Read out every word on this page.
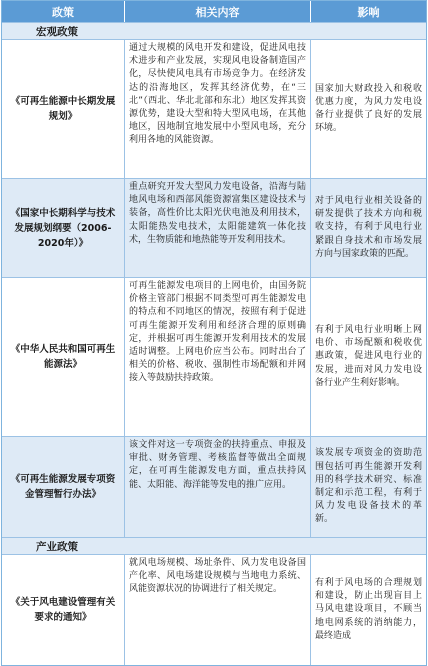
政策	相关内容	影响
宏观政策
《可再生能源中长期发展规划》
通过大规模的风电开发和建设，促进风电技术进步和产业发展，实现风电设备制造国产化，尽快使风电具有市场竞争力。在经济发达的沿海地区，发挥其经济优势，在“三北”（西北、华北北部和东北）地区发挥其资源优势，建设大型和特大型风电场，在其他地区，因地制宜地发展中小型风电场，充分利用各地的风能资源。
国家加大财政投入和税收优惠力度，为风力发电设备行业提供了良好的发展环境。
《国家中长期科学与技术发展规划纲要（2006-2020年）》
重点研究开发大型风力发电设备，沿海与陆地风电场和西部风能资源富集区建设技术与装备，高性价比太阳光伏电池及利用技术，太阳能热发电技术，太阳能建筑一体化技术，生物质能和地热能等开发利用技术。
对于风电行业相关设备的研发提供了技术方向和税收支持，有利于风电行业紧跟自身技术和市场发展方向与国家政策的匹配。
《中华人民共和国可再生能源法》
可再生能源发电项目的上网电价，由国务院价格主管部门根据不同类型可再生能源发电的特点和不同地区的情况，按照有利于促进可再生能源开发利用和经济合理的原则确定，并根据可再生能源开发利用技术的发展适时调整。上网电价应当公布。同时出台了相关的价格、税收、强制性市场配额和并网接入等鼓励扶持政策。
有利于风电行业明晰上网电价、市场配额和税收优惠政策，促进风电行业的发展，进而对风力发电设备行业产生利好影响。
《可再生能源发展专项资金管理暂行办法》
该文件对这一专项资金的扶持重点、申报及审批、财务管理、考核监督等做出全面规定，在可再生能源发电方面，重点扶持风能、太阳能、海洋能等发电的推广应用。
该发展专项资金的资助范围包括可再生能源开发利用的科学技术研究、标准制定和示范工程，有利于风力发电设备技术的革新。
产业政策
《关于风电建设管理有关要求的通知》
就风电场规模、场址条件、风力发电设备国产化率、风电场建设规模与当地电力系统、风能资源状况的协调进行了相关规定。
有利于风电场的合理规划和建设，防止出现盲目上马风电建设项目，不顾当地电网系统的消纳能力，最终造成
